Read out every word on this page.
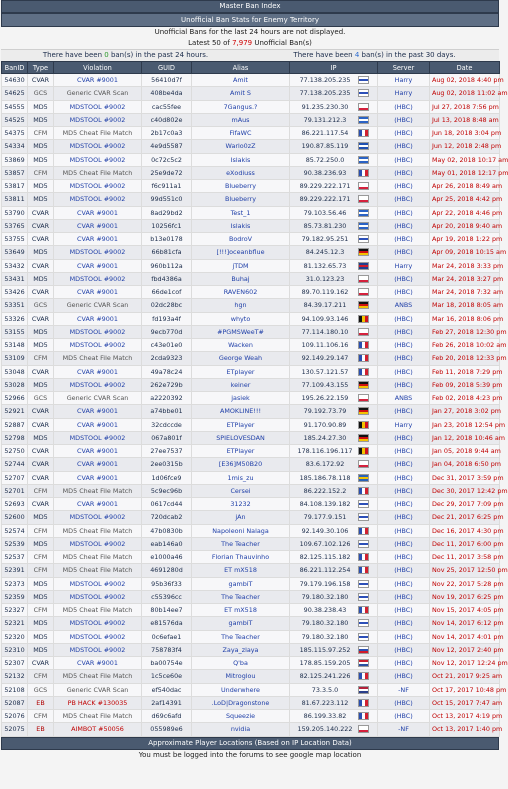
Master Ban Index
Unofficial Ban Stats for Enemy Territory
Unofficial Bans for the last 24 hours are not displayed.
Latest 50 of 7,979 Unofficial Ban(s)
There have been 0 ban(s) in the past 24 hours.	There have been 4 ban(s) in the past 30 days.
BanID	Type	Violation	GUID	Alias	IP	Server	Date
54630	CVAR	CVAR #9001	56410d7f	Amit	77.138.205.235	Harry	Aug 02, 2018 4:40 pm
54625	GCS	Generic CVAR Scan	408be4da	Amit S	77.138.205.235	Harry	Aug 02, 2018 11:02 am
54555	MD5	MDSTOOL #9002	cac55fee	7Gangus.?	91.235.230.30	(HBC)	Jul 27, 2018 7:56 pm
54525	MD5	MDSTOOL #9002	c40d802e	mAus	79.131.212.3	(HBC)	Jul 13, 2018 8:48 am
54375	CFM	MD5 Cheat File Match	2b17c0a3	FifaWC	86.221.117.54	(HBC)	Jun 18, 2018 3:04 pm
54334	MD5	MDSTOOL #9002	4e9d5587	Warlo0zZ	190.87.85.119	(HBC)	Jun 12, 2018 2:48 pm
53869	MD5	MDSTOOL #9002	0c72c5c2	Islakis	85.72.250.0	(HBC)	May 02, 2018 10:17 am
53857	CFM	MD5 Cheat File Match	25e9de72	eXodiuss	90.38.236.93	(HBC)	May 01, 2018 12:17 pm
53817	MD5	MDSTOOL #9002	f6c911a1	Blueberry	89.229.222.171	(HBC)	Apr 26, 2018 8:49 am
53811	MD5	MDSTOOL #9002	99d551c0	Blueberry	89.229.222.171	(HBC)	Apr 25, 2018 4:42 pm
53790	CVAR	CVAR #9001	8ad29bd2	Test_1	79.103.56.46	(HBC)	Apr 22, 2018 4:46 pm
53765	CVAR	CVAR #9001	10256fc1	Islakis	85.73.81.230	(HBC)	Apr 20, 2018 9:40 am
53755	CVAR	CVAR #9001	b13e0178	BodroV	79.182.95.251	(HBC)	Apr 19, 2018 1:22 pm
53649	MD5	MDSTOOL #9002	66b81cfa	[!!!]oceanbflue	84.245.12.3	(HBC)	Apr 09, 2018 10:15 am
53432	CVAR	CVAR #9001	960b112a	jTDM	81.132.65.73	Harry	Mar 24, 2018 3:33 pm
53431	MD5	MDSTOOL #9002	fbd4386a	Buhaj	31.0.123.23	(HBC)	Mar 24, 2018 3:27 pm
53426	CVAR	CVAR #9001	66de1cof	RAVEN602	89.70.119.162	(HBC)	Mar 24, 2018 7:32 am
53351	GCS	Generic CVAR Scan	02dc28bc	hgn	84.39.17.211	ANBS	Mar 18, 2018 8:05 am
53326	CVAR	CVAR #9001	fd193a4f	whyto	94.109.93.146	(HBC)	Mar 16, 2018 8:06 pm
53155	MD5	MDSTOOL #9002	9ecb770d	#PGMSWeeT#	77.114.180.10	(HBC)	Feb 27, 2018 12:30 pm
53148	MD5	MDSTOOL #9002	c43e01e0	Wacken	109.11.106.16	(HBC)	Feb 26, 2018 10:02 am
53109	CFM	MD5 Cheat File Match	2cda9323	George Weah	92.149.29.147	(HBC)	Feb 20, 2018 12:33 pm
53048	CVAR	CVAR #9001	49a78c24	ETplayer	130.57.121.57	(HBC)	Feb 11, 2018 7:29 pm
53028	MD5	MDSTOOL #9002	262e729b	keiner	77.109.43.155	(HBC)	Feb 09, 2018 5:39 pm
52966	GCS	Generic CVAR Scan	a2220392	jasiek	195.26.22.159	ANBS	Feb 02, 2018 4:23 pm
52921	CVAR	CVAR #9001	a74bbe01	AMOKLINE!!!	79.192.73.79	(HBC)	Jan 27, 2018 3:02 pm
52887	CVAR	CVAR #9001	32cdccde	ETPlayer	91.170.90.89	Harry	Jan 23, 2018 12:54 pm
52798	MD5	MDSTOOL #9002	067a801f	SPIELOVESDAN	185.24.27.30	(HBC)	Jan 12, 2018 10:46 am
52750	CVAR	CVAR #9001	27ee7537	ETPlayer	178.116.196.117	(HBC)	Jan 05, 2018 9:44 am
52744	CVAR	CVAR #9001	2ee0315b	[E36]M50B20	83.6.172.92	(HBC)	Jan 04, 2018 6:50 pm
52707	CVAR	CVAR #9001	1d06fce9	1mis_zu	185.186.78.118	(HBC)	Dec 31, 2017 3:59 pm
52701	CFM	MD5 Cheat File Match	5c9ec96b	Cersei	86.222.152.2	(HBC)	Dec 30, 2017 12:42 pm
52693	CVAR	CVAR #9001	0617cd44	31232	84.108.139.182	(HBC)	Dec 29, 2017 7:09 pm
52600	MD5	MDSTOOL #9002	720dcab2	jAn	79.177.9.151	(HBC)	Dec 21, 2017 6:25 pm
52574	CFM	MD5 Cheat File Match	47b0830b	Napoleoni Nalaga	92.149.30.106	(HBC)	Dec 16, 2017 4:30 pm
52539	MD5	MDSTOOL #9002	eab146a0	The Teacher	109.67.102.126	(HBC)	Dec 11, 2017 6:00 pm
52537	CFM	MD5 Cheat File Match	e1000a46	Florian Thauvinho	82.125.115.182	(HBC)	Dec 11, 2017 3:58 pm
52391	CFM	MD5 Cheat File Match	4691280d	ET mX518	86.221.112.254	(HBC)	Nov 25, 2017 12:50 pm
52373	MD5	MDSTOOL #9002	95b36f33	gambiT	79.179.196.158	(HBC)	Nov 22, 2017 5:28 pm
52359	MD5	MDSTOOL #9002	c55396cc	The Teacher	79.180.32.180	(HBC)	Nov 19, 2017 6:25 pm
52327	CFM	MD5 Cheat File Match	80b14ee7	ET mX518	90.38.238.43	(HBC)	Nov 15, 2017 4:05 pm
52321	MD5	MDSTOOL #9002	e81576da	gambiT	79.180.32.180	(HBC)	Nov 14, 2017 6:12 pm
52320	MD5	MDSTOOL #9002	0c6efae1	The Teacher	79.180.32.180	(HBC)	Nov 14, 2017 4:01 pm
52310	MD5	MDSTOOL #9002	758783f4	Zaya_zlaya	185.115.97.252	(HBC)	Nov 12, 2017 2:40 pm
52307	CVAR	CVAR #9001	ba00754e	Q'ba	178.85.159.205	(HBC)	Nov 12, 2017 12:24 pm
52132	CFM	MD5 Cheat File Match	1c5ce60e	Mitroglou	82.125.241.226	(HBC)	Oct 21, 2017 9:25 am
52108	GCS	Generic CVAR Scan	ef540dac	Underwhere	73.3.5.0	-NF	Oct 17, 2017 10:48 pm
52087	EB	PB HACK #130035	2af14391	.LoD|Dragonstone	81.67.223.112	(HBC)	Oct 15, 2017 7:47 am
52076	CFM	MD5 Cheat File Match	d69c6afd	Squeezie	86.199.33.82	(HBC)	Oct 13, 2017 4:19 pm
52075	EB	AIMBOT #50056	055989e6	nvidia	159.205.140.222	-NF	Oct 13, 2017 1:40 pm
Approximate Player Locations (Based on IP Location Data)
You must be logged into the forums to see google map location
